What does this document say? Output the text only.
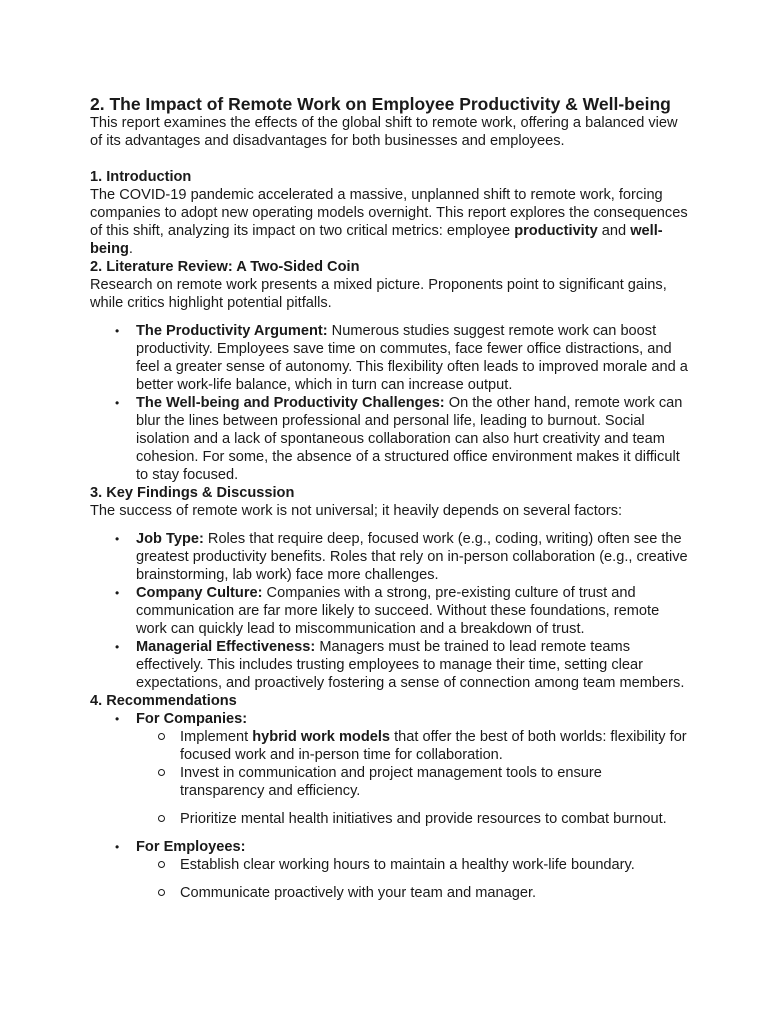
2. The Impact of Remote Work on Employee Productivity & Well-being

This report examines the effects of the global shift to remote work, offering a balanced view of its advantages and disadvantages for both businesses and employees.

1. Introduction

The COVID-19 pandemic accelerated a massive, unplanned shift to remote work, forcing companies to adopt new operating models overnight. This report explores the consequences of this shift, analyzing its impact on two critical metrics: employee productivity and well-being.

2. Literature Review: A Two-Sided Coin

Research on remote work presents a mixed picture. Proponents point to significant gains, while critics highlight potential pitfalls.

• The Productivity Argument: Numerous studies suggest remote work can boost productivity. Employees save time on commutes, face fewer office distractions, and feel a greater sense of autonomy. This flexibility often leads to improved morale and a better work-life balance, which in turn can increase output.
• The Well-being and Productivity Challenges: On the other hand, remote work can blur the lines between professional and personal life, leading to burnout. Social isolation and a lack of spontaneous collaboration can also hurt creativity and team cohesion. For some, the absence of a structured office environment makes it difficult to stay focused.
3. Key Findings & Discussion

The success of remote work is not universal; it heavily depends on several factors:

• Job Type: Roles that require deep, focused work (e.g., coding, writing) often see the greatest productivity benefits. Roles that rely on in-person collaboration (e.g., creative brainstorming, lab work) face more challenges.
• Company Culture: Companies with a strong, pre-existing culture of trust and communication are far more likely to succeed. Without these foundations, remote work can quickly lead to miscommunication and a breakdown of trust.
• Managerial Effectiveness: Managers must be trained to lead remote teams effectively. This includes trusting employees to manage their time, setting clear expectations, and proactively fostering a sense of connection among team members.
4. Recommendations
• For Companies:
Implement hybrid work models that offer the best of both worlds: flexibility for focused work and in-person time for collaboration.
Invest in communication and project management tools to ensure transparency and efficiency.
Prioritize mental health initiatives and provide resources to combat burnout.
• For Employees:
Establish clear working hours to maintain a healthy work-life boundary.
Communicate proactively with your team and manager.
